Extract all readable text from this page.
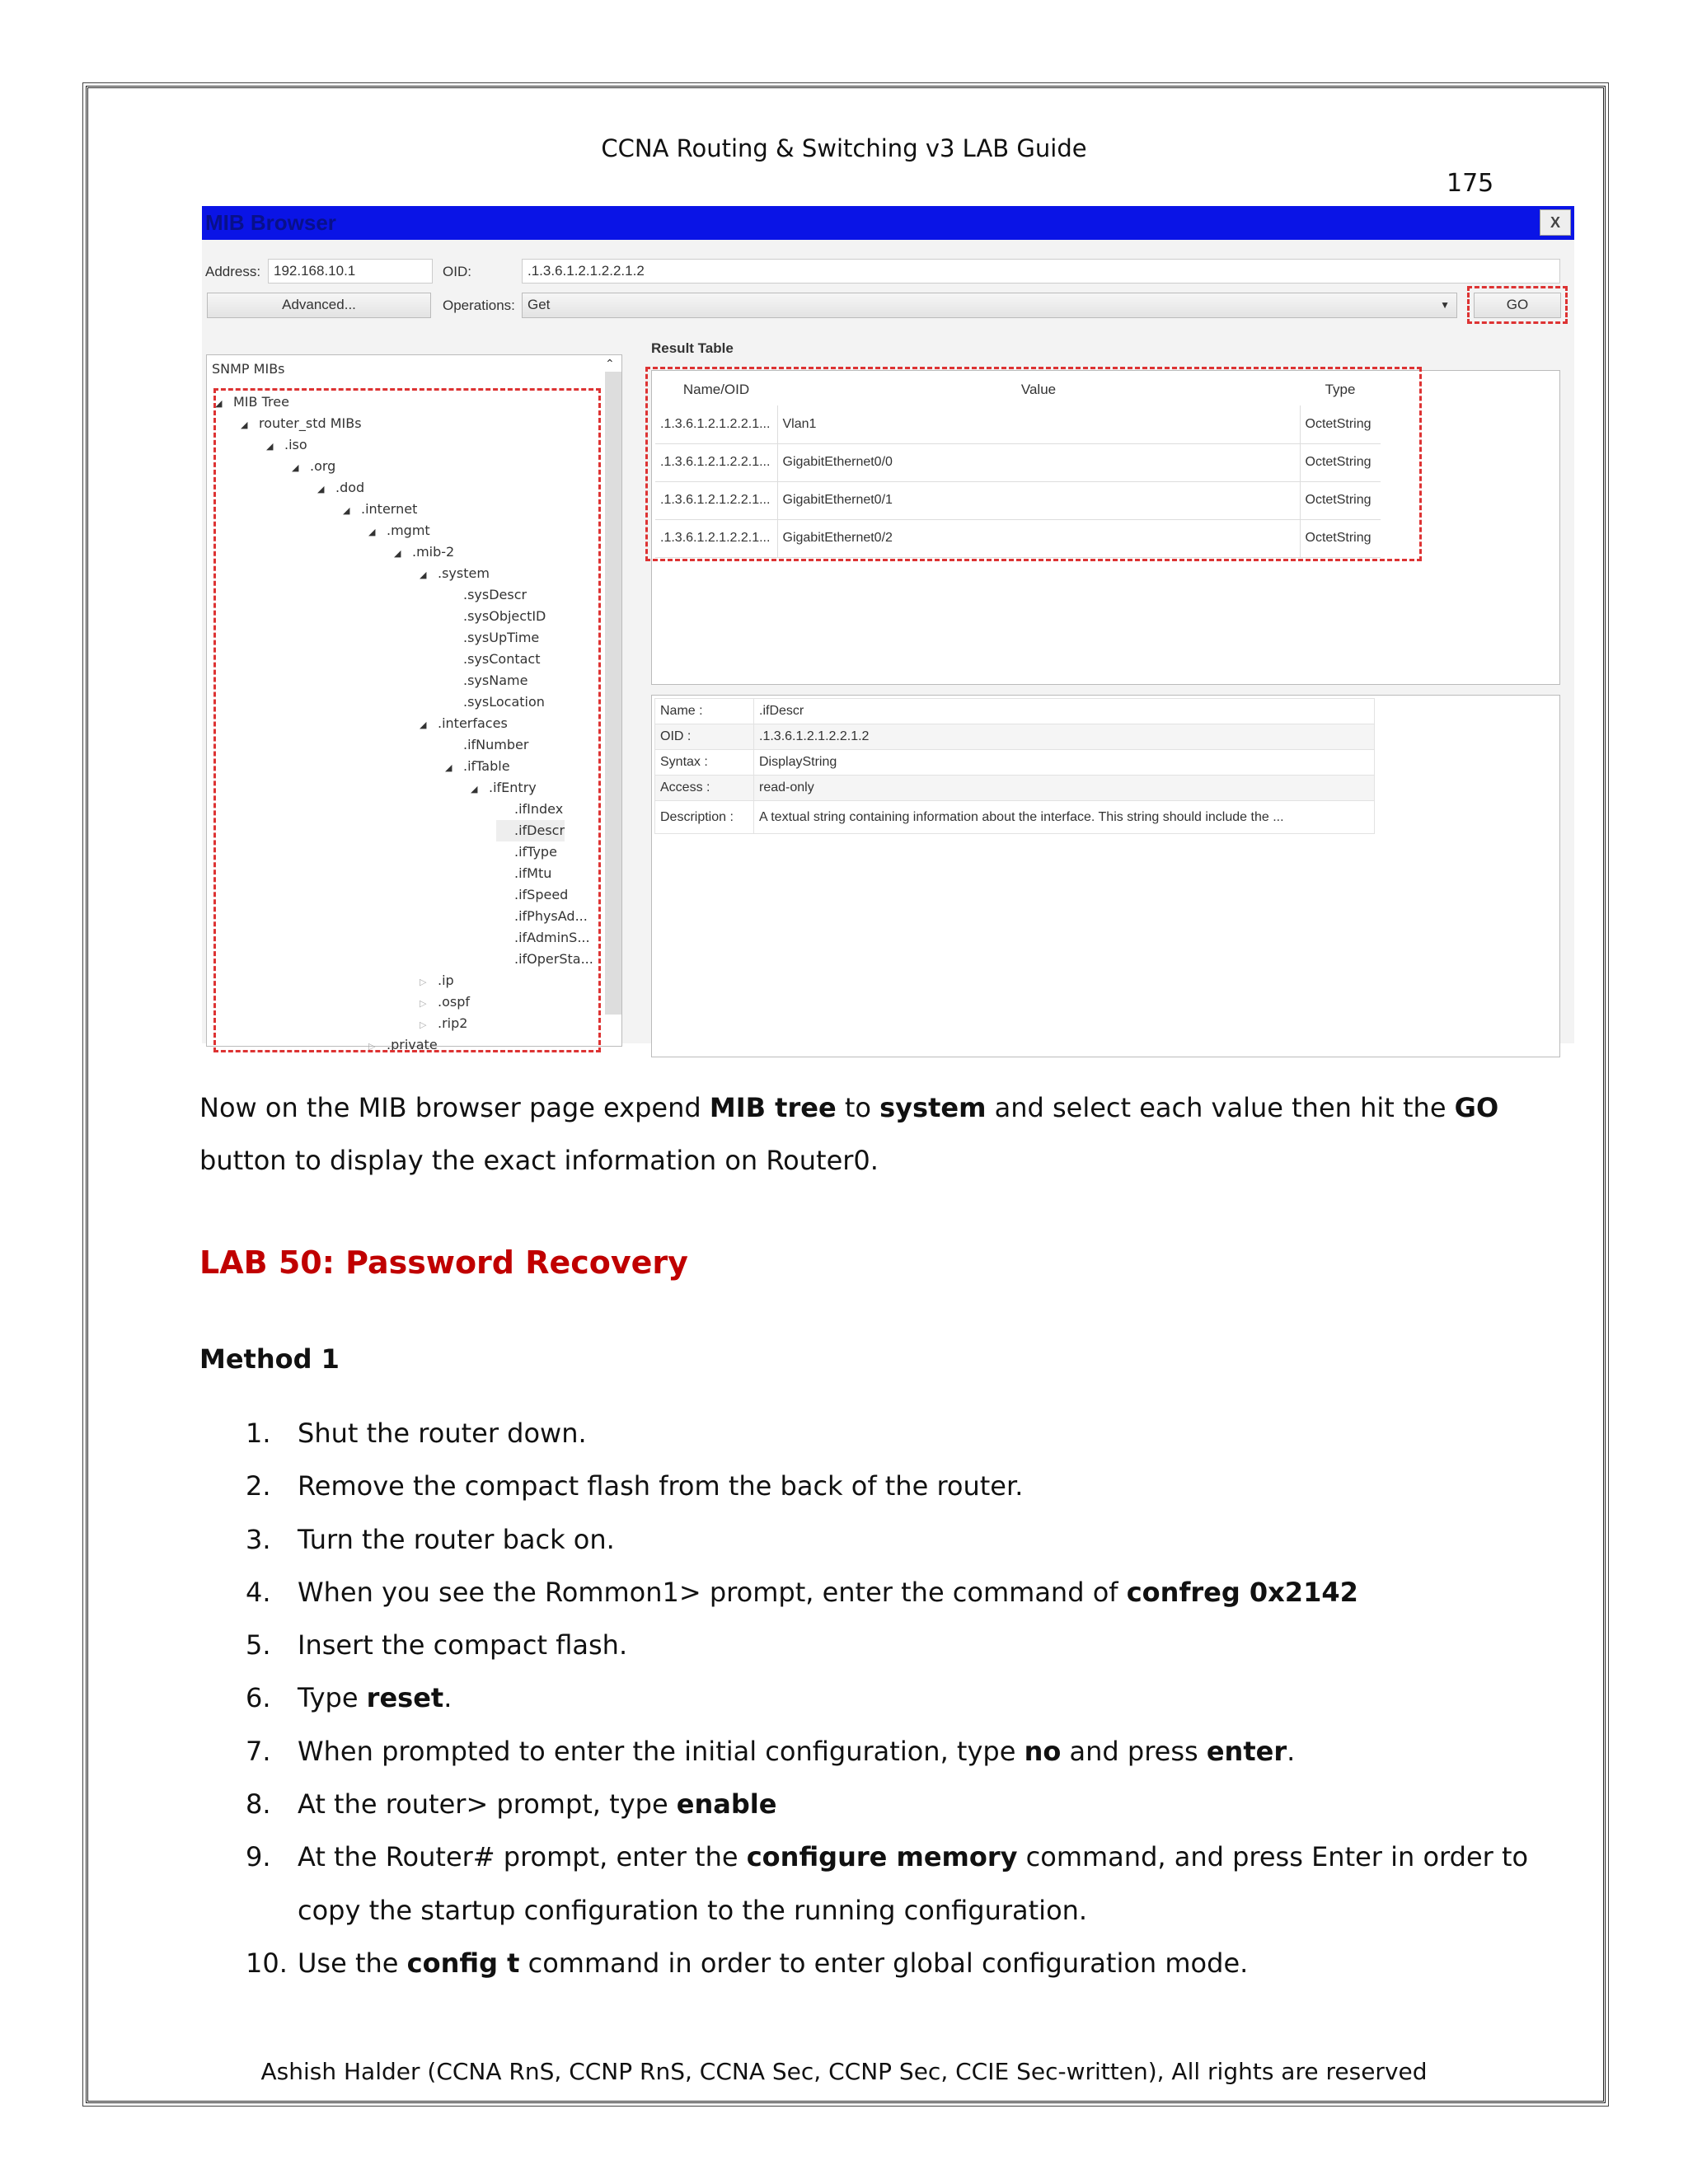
CCNA Routing & Switching v3 LAB Guide
175
MIB Browser	X
Address: 192.168.10.1	OID:	.1.3.6.1.2.1.2.2.1.2
Advanced...	Operations: Get	▼	GO
SNMP MIBs	⌃
◢ MIB Tree
◢ router_std MIBs
◢ .iso
◢ .org
◢ .dod
◢ .internet
◢ .mgmt
◢ .mib-2
◢ .system
.sysDescr
.sysObjectID
.sysUpTime
.sysContact
.sysName
.sysLocation
◢ .interfaces
.ifNumber
◢ .ifTable
◢ .ifEntry
.ifIndex
.ifDescr
.ifType
.ifMtu
.ifSpeed
.ifPhysAd...
.ifAdminS...
.ifOperSta...
▷ .ip
▷ .ospf
▷ .rip2
▷ .private
Result Table
Name/OID	Value	Type
.1.3.6.1.2.1.2.2.1...	Vlan1	OctetString
.1.3.6.1.2.1.2.2.1...	GigabitEthernet0/0	OctetString
.1.3.6.1.2.1.2.2.1...	GigabitEthernet0/1	OctetString
.1.3.6.1.2.1.2.2.1...	GigabitEthernet0/2	OctetString
Name :	.ifDescr
OID :	.1.3.6.1.2.1.2.2.1.2
Syntax :	DisplayString
Access :	read-only
Description :	A textual string containing information about the interface. This string should include the ...
Now on the MIB browser page expend MIB tree to system and select each value then hit the GO button to display the exact information on Router0.
LAB 50: Password Recovery
Method 1
1.	Shut the router down.
2.	Remove the compact flash from the back of the router.
3.	Turn the router back on.
4.	When you see the Rommon1> prompt, enter the command of confreg 0x2142
5.	Insert the compact flash.
6.	Type reset.
7.	When prompted to enter the initial configuration, type no and press enter.
8.	At the router> prompt, type enable
9.	At the Router# prompt, enter the configure memory command, and press Enter in order to copy the startup configuration to the running configuration.
10. Use the config t command in order to enter global configuration mode.
Ashish Halder (CCNA RnS, CCNP RnS, CCNA Sec, CCNP Sec, CCIE Sec-written), All rights are reserved
